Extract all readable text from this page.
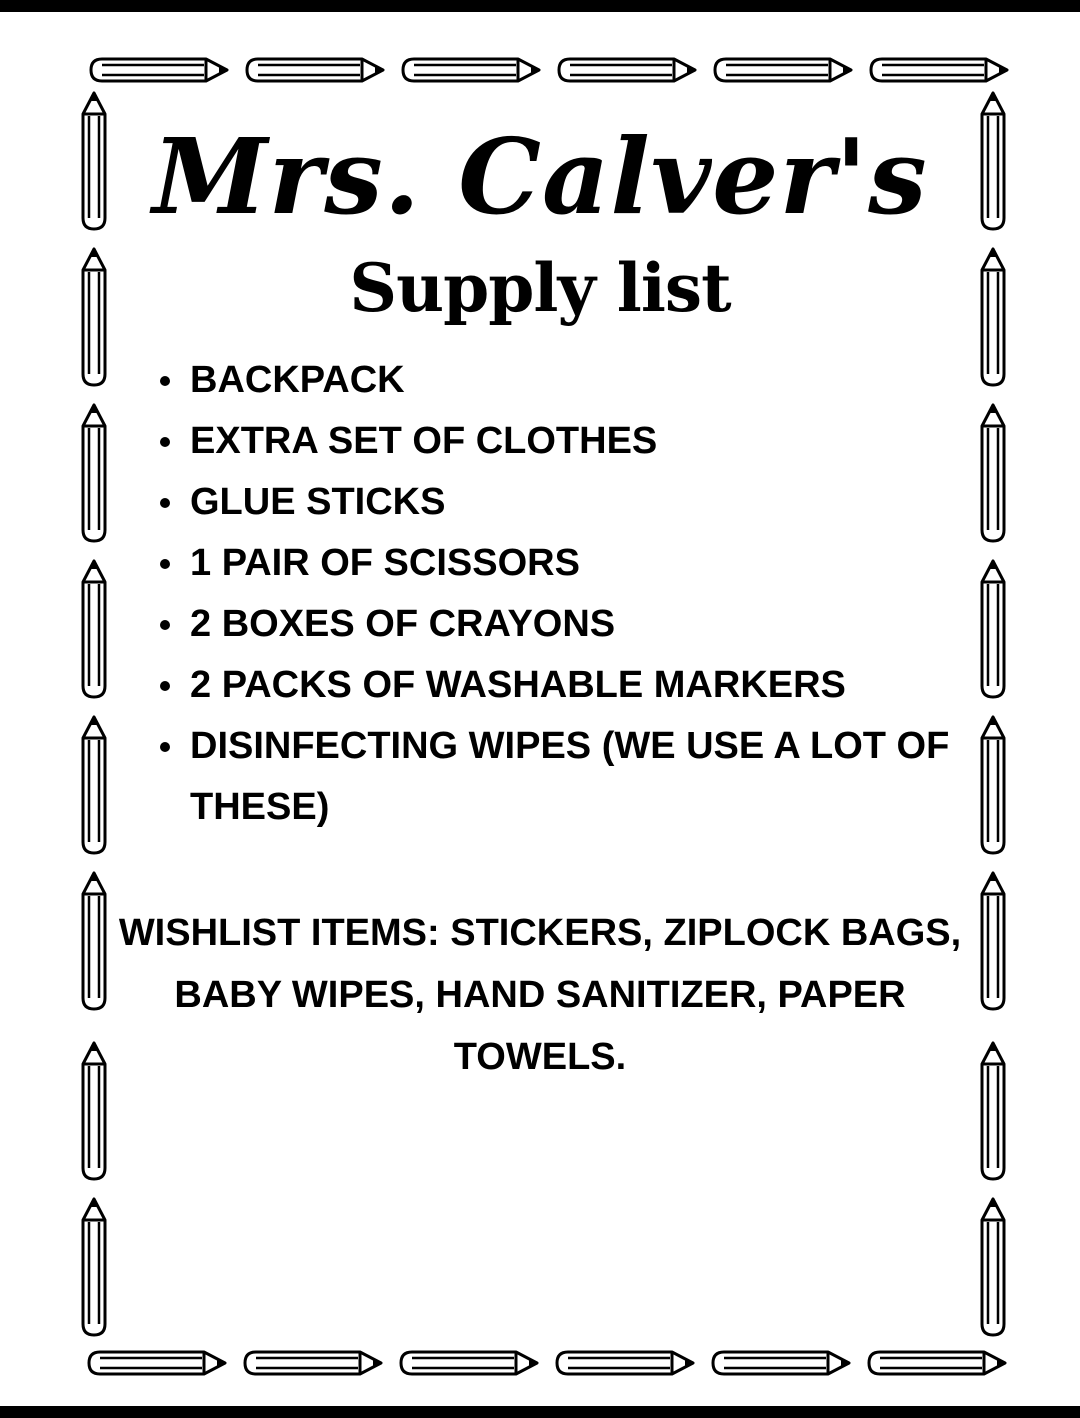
Mrs. Calver's
Supply list
BACKPACK
EXTRA SET OF CLOTHES
GLUE STICKS
1 PAIR OF SCISSORS
2 BOXES OF CRAYONS
2 PACKS OF WASHABLE MARKERS
DISINFECTING WIPES (WE USE A LOT OF THESE)
WISHLIST ITEMS: STICKERS, ZIPLOCK BAGS,
BABY WIPES, HAND SANITIZER, PAPER TOWELS.
